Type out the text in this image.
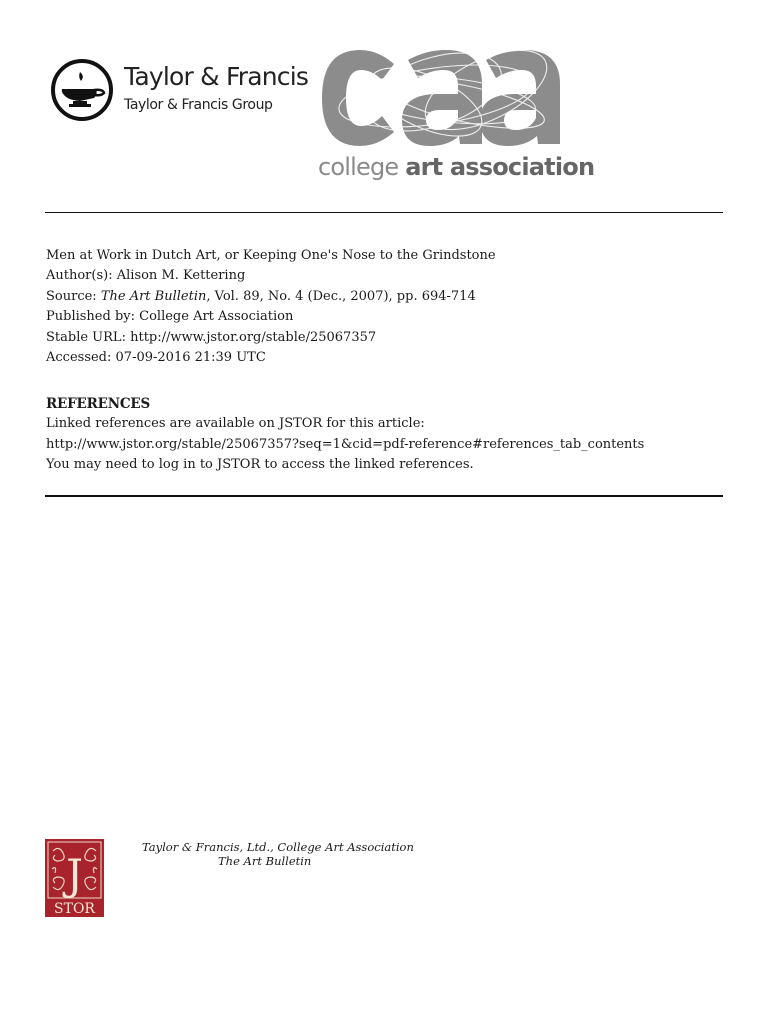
Taylor & Francis
Taylor & Francis Group
college art association
Men at Work in Dutch Art, or Keeping One's Nose to the Grindstone
Author(s): Alison M. Kettering
Source: The Art Bulletin, Vol. 89, No. 4 (Dec., 2007), pp. 694-714
Published by: College Art Association
Stable URL: http://www.jstor.org/stable/25067357
Accessed: 07-09-2016 21:39 UTC
REFERENCES
Linked references are available on JSTOR for this article:
http://www.jstor.org/stable/25067357?seq=1&cid=pdf-reference#references_tab_contents
You may need to log in to JSTOR to access the linked references.
J
STOR
Taylor & Francis, Ltd., College Art Association
The Art Bulletin
